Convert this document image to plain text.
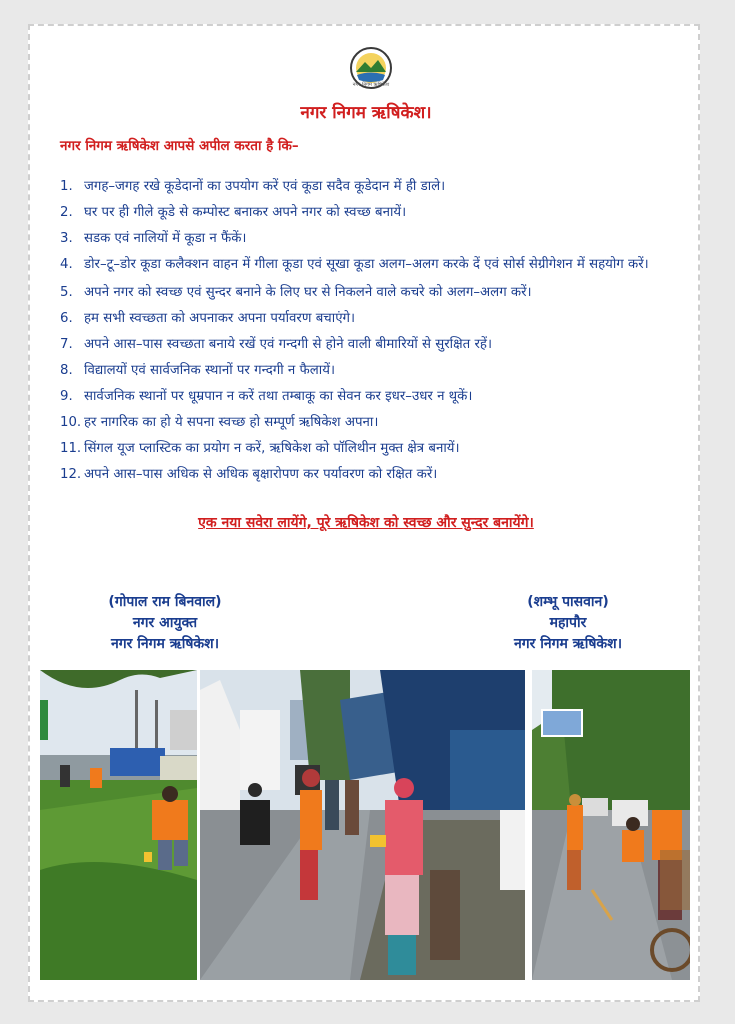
नगर निगम ऋषिकेश
नगर निगम ऋषिकेश।
नगर निगम ऋषिकेश आपसे अपील करता है कि–
1. जगह–जगह रखे कूडेदानों का उपयोग करें एवं कूडा सदैव कूडेदान में ही डाले।
2. घर पर ही गीले कूडे से कम्पोस्ट बनाकर अपने नगर को स्वच्छ बनायें।
3. सडक एवं नालियों में कूडा न फैंकें।
4. डोर–टू–डोर कूडा कलैक्शन वाहन में गीला कूडा एवं सूखा कूडा अलग–अलग करके दें एवं सोर्स सेग्रीगेशन में सहयोग करें।
5. अपने नगर को स्वच्छ एवं सुन्दर बनाने के लिए घर से निकलने वाले कचरे को अलग–अलग करें।
6. हम सभी स्वच्छता को अपनाकर अपना पर्यावरण बचाएंगे।
7. अपने आस–पास स्वच्छता बनाये रखें एवं गन्दगी से होने वाली बीमारियों से सुरक्षित रहें।
8. विद्यालयों एवं सार्वजनिक स्थानों पर गन्दगी न फैलायें।
9. सार्वजनिक स्थानों पर धूम्रपान न करें तथा तम्बाकू का सेवन कर इधर–उधर न थूकें।
10. हर नागरिक का हो ये सपना स्वच्छ हो सम्पूर्ण ऋषिकेश अपना।
11. सिंगल यूज प्लास्टिक का प्रयोग न करें, ऋषिकेश को पॉलिथीन मुक्त क्षेत्र बनायें।
12. अपने आस–पास अधिक से अधिक बृक्षारोपण कर पर्यावरण को रक्षित करें।
एक नया सवेरा लायेंगे, पूरे ऋषिकेश को स्वच्छ और सुन्दर बनायेंगे।
(गोपाल राम बिनवाल)
नगर आयुक्त
नगर निगम ऋषिकेश।
(शम्भू पासवान)
महापौर
नगर निगम ऋषिकेश।
